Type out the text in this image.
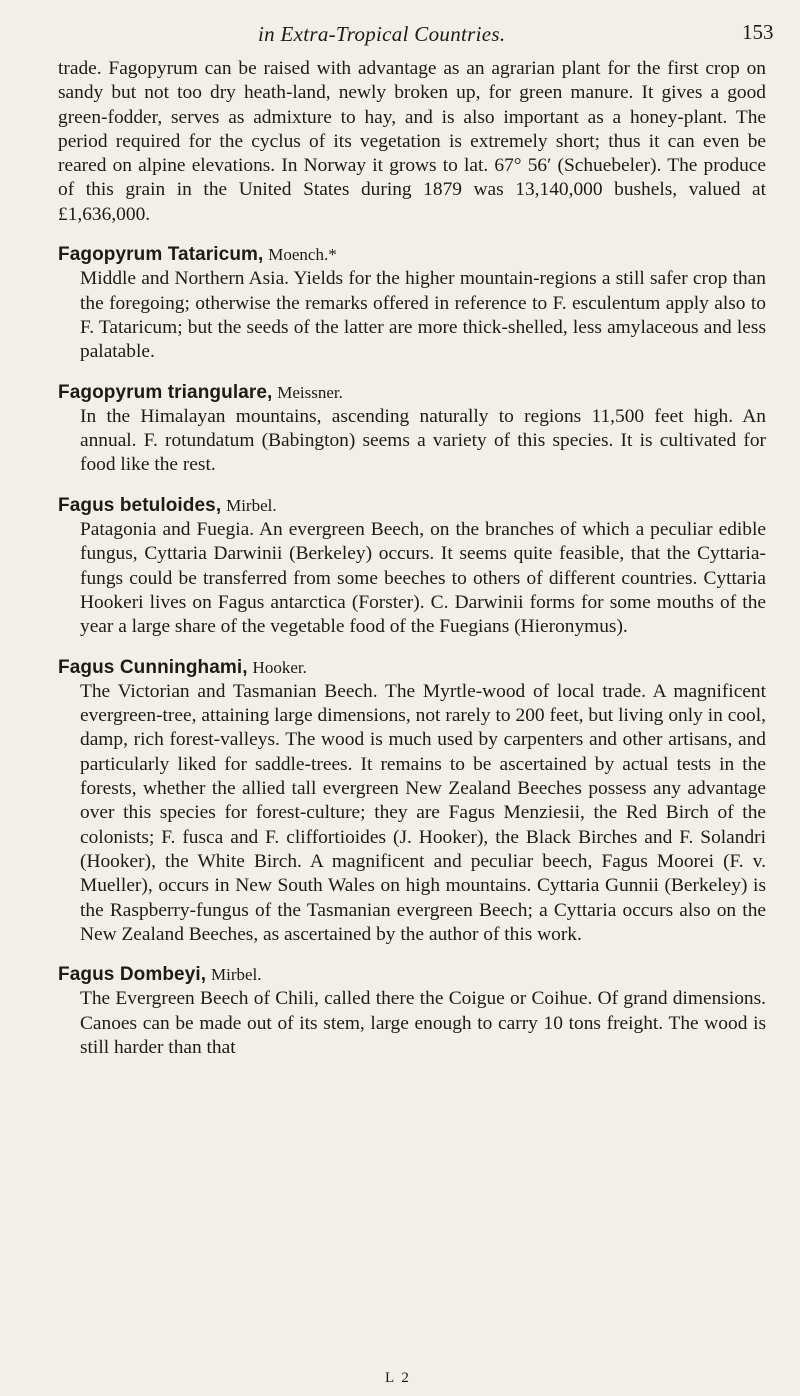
in Extra-Tropical Countries.	153

trade. Fagopyrum can be raised with advantage as an agrarian plant for the first crop on sandy but not too dry heath-land, newly broken up, for green manure. It gives a good green-fodder, serves as admixture to hay, and is also important as a honey-plant. The period required for the cyclus of its vegetation is extremely short; thus it can even be reared on alpine elevations. In Norway it grows to lat. 67° 56′ (Schuebeler). The produce of this grain in the United States during 1879 was 13,140,000 bushels, valued at £1,636,000.

Fagopyrum Tataricum, Moench.*

Middle and Northern Asia. Yields for the higher mountain-regions a still safer crop than the foregoing; otherwise the remarks offered in reference to F. esculentum apply also to F. Tataricum; but the seeds of the latter are more thick-shelled, less amylaceous and less palatable.

Fagopyrum triangulare, Meissner.

In the Himalayan mountains, ascending naturally to regions 11,500 feet high. An annual. F. rotundatum (Babington) seems a variety of this species. It is cultivated for food like the rest.

Fagus betuloides, Mirbel.

Patagonia and Fuegia. An evergreen Beech, on the branches of which a peculiar edible fungus, Cyttaria Darwinii (Berkeley) occurs. It seems quite feasible, that the Cyttaria-fungs could be transferred from some beeches to others of different countries. Cyttaria Hookeri lives on Fagus antarctica (Forster). C. Darwinii forms for some mouths of the year a large share of the vegetable food of the Fuegians (Hieronymus).

Fagus Cunninghami, Hooker.

The Victorian and Tasmanian Beech. The Myrtle-wood of local trade. A magnificent evergreen-tree, attaining large dimensions, not rarely to 200 feet, but living only in cool, damp, rich forest-valleys. The wood is much used by carpenters and other artisans, and particularly liked for saddle-trees. It remains to be ascertained by actual tests in the forests, whether the allied tall evergreen New Zealand Beeches possess any advantage over this species for forest-culture; they are Fagus Menziesii, the Red Birch of the colonists; F. fusca and F. cliffortioides (J. Hooker), the Black Birches and F. Solandri (Hooker), the White Birch. A magnificent and peculiar beech, Fagus Moorei (F. v. Mueller), occurs in New South Wales on high mountains. Cyttaria Gunnii (Berkeley) is the Raspberry-fungus of the Tasmanian evergreen Beech; a Cyttaria occurs also on the New Zealand Beeches, as ascertained by the author of this work.

Fagus Dombeyi, Mirbel.

The Evergreen Beech of Chili, called there the Coigue or Coihue. Of grand dimensions. Canoes can be made out of its stem, large enough to carry 10 tons freight. The wood is still harder than that

L 2
